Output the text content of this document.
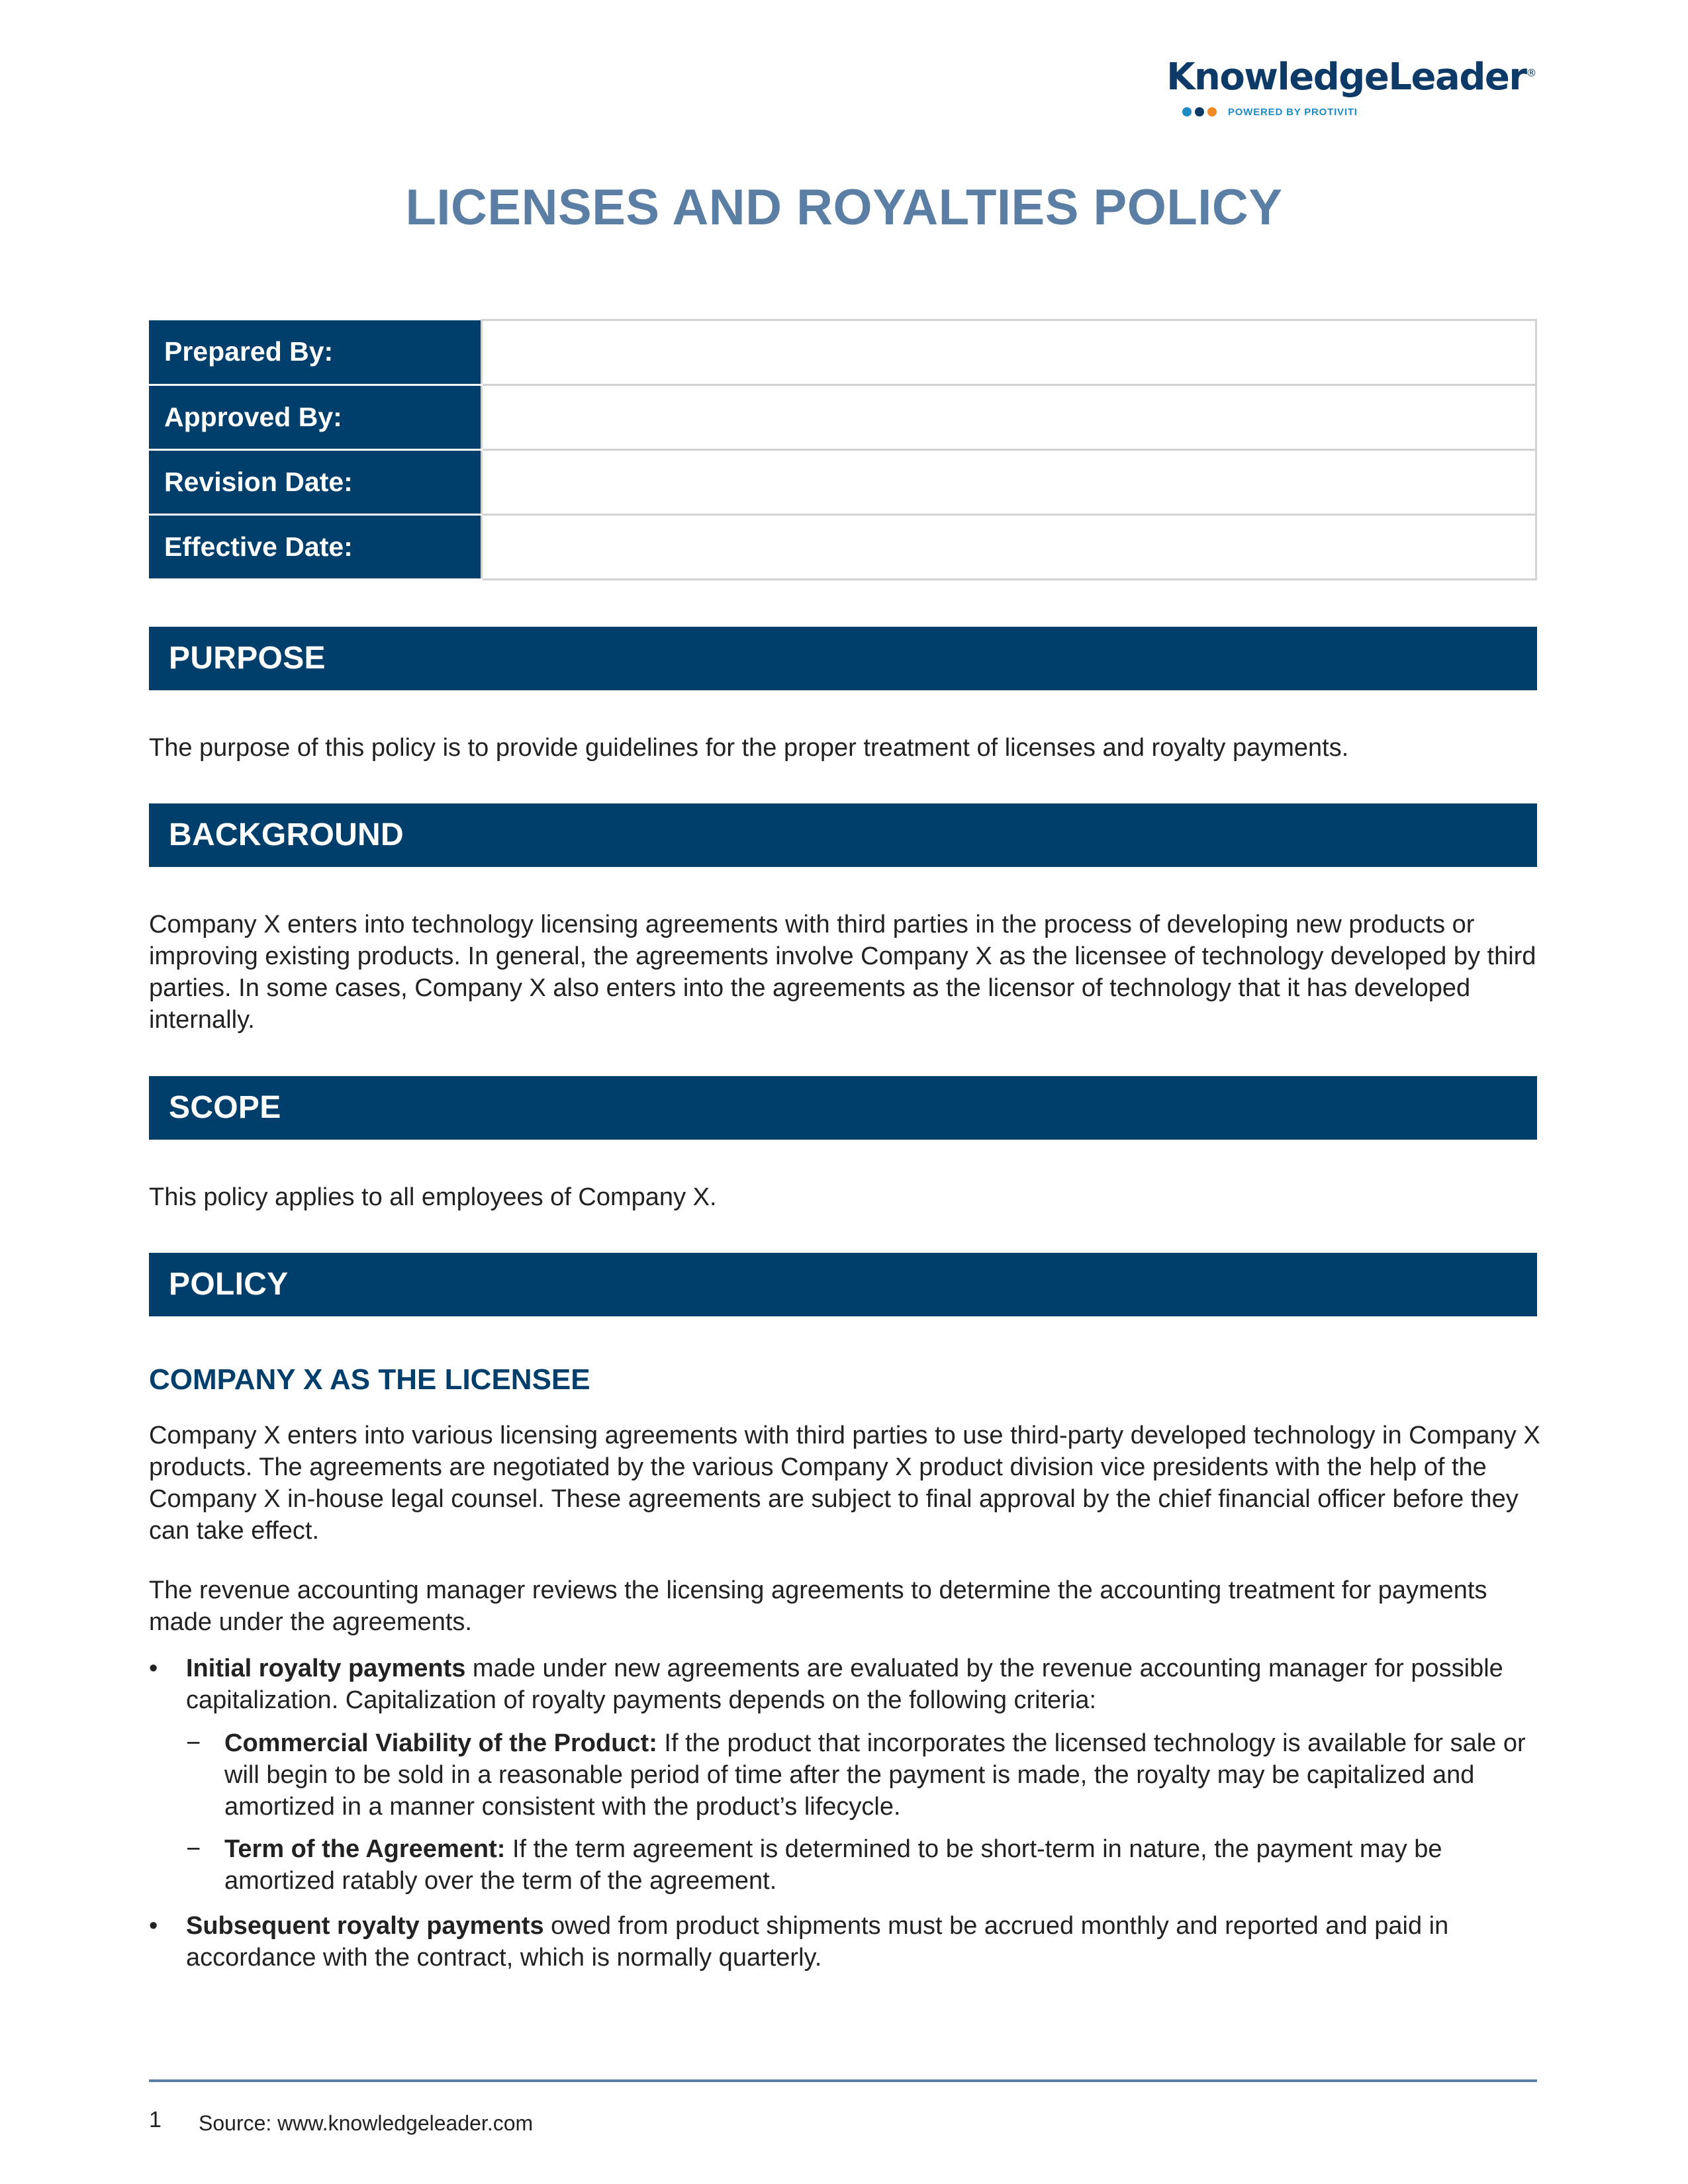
KnowledgeLeader®
POWERED BY PROTIVITI
LICENSES AND ROYALTIES POLICY
Prepared By:	
Approved By:	
Revision Date:	
Effective Date:	
PURPOSE

The purpose of this policy is to provide guidelines for the proper treatment of licenses and royalty payments.

BACKGROUND

Company X enters into technology licensing agreements with third parties in the process of developing new products or improving existing products. In general, the agreements involve Company X as the licensee of technology developed by third parties. In some cases, Company X also enters into the agreements as the licensor of technology that it has developed internally.

SCOPE

This policy applies to all employees of Company X.

POLICY
COMPANY X AS THE LICENSEE

Company X enters into various licensing agreements with third parties to use third-party developed technology in Company X products. The agreements are negotiated by the various Company X product division vice presidents with the help of the Company X in-house legal counsel. These agreements are subject to final approval by the chief financial officer before they can take effect.

The revenue accounting manager reviews the licensing agreements to determine the accounting treatment for payments made under the agreements.

• Initial royalty payments made under new agreements are evaluated by the revenue accounting manager for possible capitalization. Capitalization of royalty payments depends on the following criteria:
− Commercial Viability of the Product: If the product that incorporates the licensed technology is available for sale or will begin to be sold in a reasonable period of time after the payment is made, the royalty may be capitalized and amortized in a manner consistent with the product’s lifecycle.
− Term of the Agreement: If the term agreement is determined to be short-term in nature, the payment may be amortized ratably over the term of the agreement.
• Subsequent royalty payments owed from product shipments must be accrued monthly and reported and paid in accordance with the contract, which is normally quarterly.
1 Source: www.knowledgeleader.com
